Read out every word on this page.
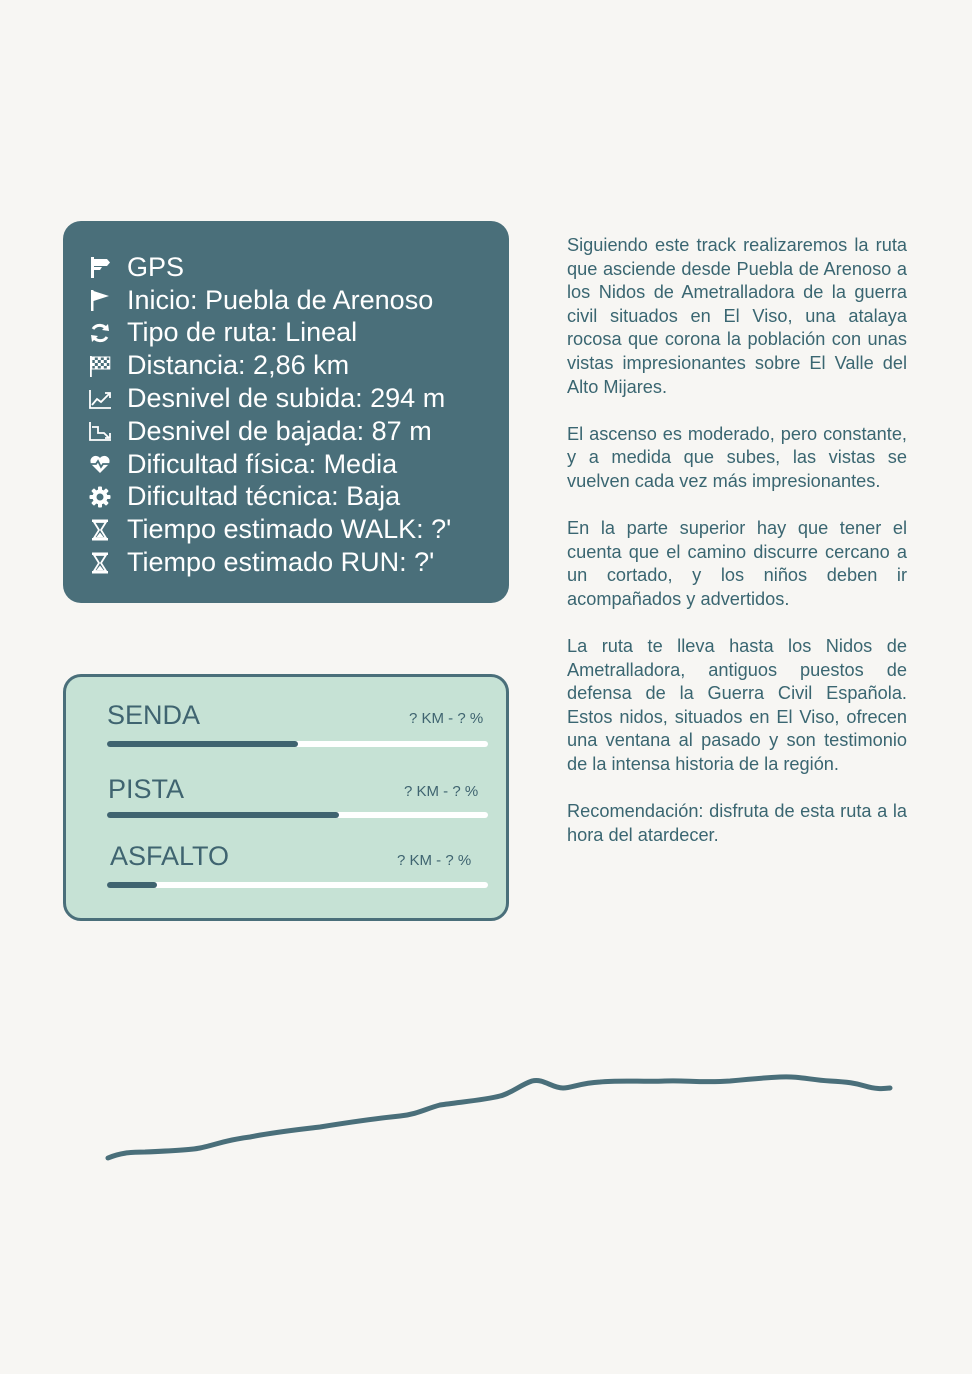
GPS
Inicio: Puebla de Arenoso
Tipo de ruta: Lineal
Distancia: 2,86 km
Desnivel de subida: 294 m
Desnivel de bajada: 87 m
Dificultad física: Media
Dificultad técnica: Baja
Tiempo estimado WALK: ?'
Tiempo estimado RUN: ?'
SENDA	? KM - ? %
PISTA	? KM - ? %
ASFALTO	? KM - ? %

Siguiendo este track realizaremos la ruta que asciende desde Puebla de Arenoso a los Nidos de Ametralladora de la guerra civil situados en El Viso, una atalaya rocosa que corona la población con unas vistas impresionantes sobre El Valle del Alto Mijares.

El ascenso es moderado, pero constante, y a medida que subes, las vistas se vuelven cada vez más impresionantes.

En la parte superior hay que tener el cuenta que el camino discurre cercano a un cortado, y los niños deben ir acompañados y advertidos.

La ruta te lleva hasta los Nidos de Ametralladora, antiguos puestos de defensa de la Guerra Civil Española. Estos nidos, situados en El Viso, ofrecen una ventana al pasado y son testimonio de la intensa historia de la región.

Recomendación: disfruta de esta ruta a la hora del atardecer.
